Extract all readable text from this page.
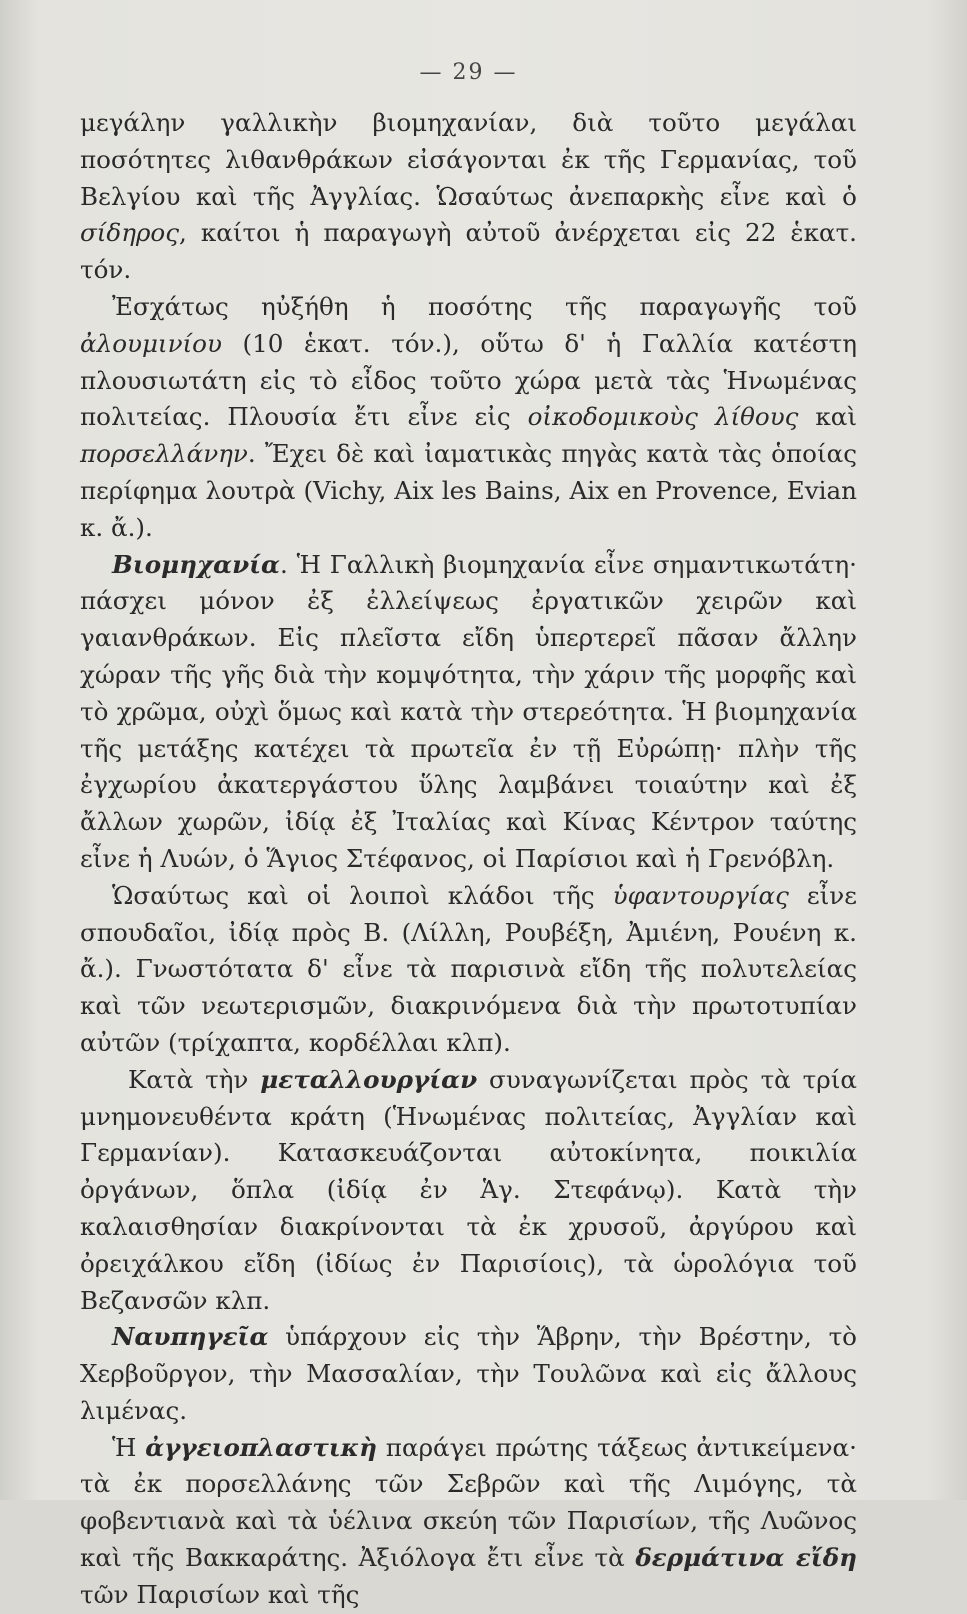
— 29 —

μεγάλην γαλλικὴν βιομηχανίαν, διὰ τοῦτο μεγάλαι ποσότητες λιθανθράκων εἰσάγονται ἐκ τῆς Γερμανίας, τοῦ Βελγίου καὶ τῆς Ἀγγλίας. Ὡσαύτως ἀνεπαρκὴς εἶνε καὶ ὁ σίδηρος, καίτοι ἡ παραγωγὴ αὐτοῦ ἀνέρχεται εἰς 22 ἑκατ. τόν.

Ἐσχάτως ηὐξήθη ἡ ποσότης τῆς παραγωγῆς τοῦ ἀλουμινίου (10 ἑκατ. τόν.), οὕτω δ' ἡ Γαλλία κατέστη πλουσιωτάτη εἰς τὸ εἶδος τοῦτο χώρα μετὰ τὰς Ἡνωμένας πολιτείας. Πλουσία ἔτι εἶνε εἰς οἰκοδομικοὺς λίθους καὶ πορσελλάνην. Ἔχει δὲ καὶ ἰαματικὰς πηγὰς κατὰ τὰς ὁποίας περίφημα λουτρὰ (Vichy, Aix les Bains, Aix en Provence, Evian κ. ἄ.).

Βιομηχανία. Ἡ Γαλλικὴ βιομηχανία εἶνε σημαντικωτάτη· πάσχει μόνον ἐξ ἐλλείψεως ἐργατικῶν χειρῶν καὶ γαιανθράκων. Εἰς πλεῖστα εἴδη ὑπερτερεῖ πᾶσαν ἄλλην χώραν τῆς γῆς διὰ τὴν κομψότητα, τὴν χάριν τῆς μορφῆς καὶ τὸ χρῶμα, οὐχὶ ὅμως καὶ κατὰ τὴν στερεότητα. Ἡ βιομηχανία τῆς μετάξης κατέχει τὰ πρωτεῖα ἐν τῇ Εὐρώπῃ· πλὴν τῆς ἐγχωρίου ἀκατεργάστου ὕλης λαμβάνει τοιαύτην καὶ ἐξ ἄλλων χωρῶν, ἰδίᾳ ἐξ Ἰταλίας καὶ Κίνας Κέντρον ταύτης εἶνε ἡ Λυών, ὁ Ἅγιος Στέφανος, οἱ Παρίσιοι καὶ ἡ Γρενόβλη.

Ὡσαύτως καὶ οἱ λοιποὶ κλάδοι τῆς ὑφαντουργίας εἶνε σπουδαῖοι, ἰδίᾳ πρὸς Β. (Λίλλη, Ρουβέξη, Ἀμιένη, Ρουένη κ. ἄ.). Γνωστότατα δ' εἶνε τὰ παρισινὰ εἴδη τῆς πολυτελείας καὶ τῶν νεωτερισμῶν, διακρινόμενα διὰ τὴν πρωτοτυπίαν αὐτῶν (τρίχαπτα, κορδέλλαι κλπ).

Κατὰ τὴν μεταλλουργίαν συναγωνίζεται πρὸς τὰ τρία μνημονευθέντα κράτη (Ἡνωμένας πολιτείας, Ἀγγλίαν καὶ Γερμανίαν). Κατασκευάζονται αὐτοκίνητα, ποικιλία ὀργάνων, ὅπλα (ἰδίᾳ ἐν Ἁγ. Στεφάνῳ). Κατὰ τὴν καλαισθησίαν διακρίνονται τὰ ἐκ χρυσοῦ, ἀργύρου καὶ ὀρειχάλκου εἴδη (ἰδίως ἐν Παρισίοις), τὰ ὡρολόγια τοῦ Βεζανσῶν κλπ.

Ναυπηγεῖα ὑπάρχουν εἰς τὴν Ἅβρην, τὴν Βρέστην, τὸ Χερβοῦργον, τὴν Μασσαλίαν, τὴν Τουλῶνα καὶ εἰς ἄλλους λιμένας.

Ἡ ἀγγειοπλαστικὴ παράγει πρώτης τάξεως ἀντικείμενα· τὰ ἐκ πορσελλάνης τῶν Σεβρῶν καὶ τῆς Λιμόγης, τὰ φοβεντιανὰ καὶ τὰ ὑέλινα σκεύη τῶν Παρισίων, τῆς Λυῶνος καὶ τῆς Βακκαράτης. Ἀξιόλογα ἔτι εἶνε τὰ δερμάτινα εἴδη τῶν Παρισίων καὶ τῆς
